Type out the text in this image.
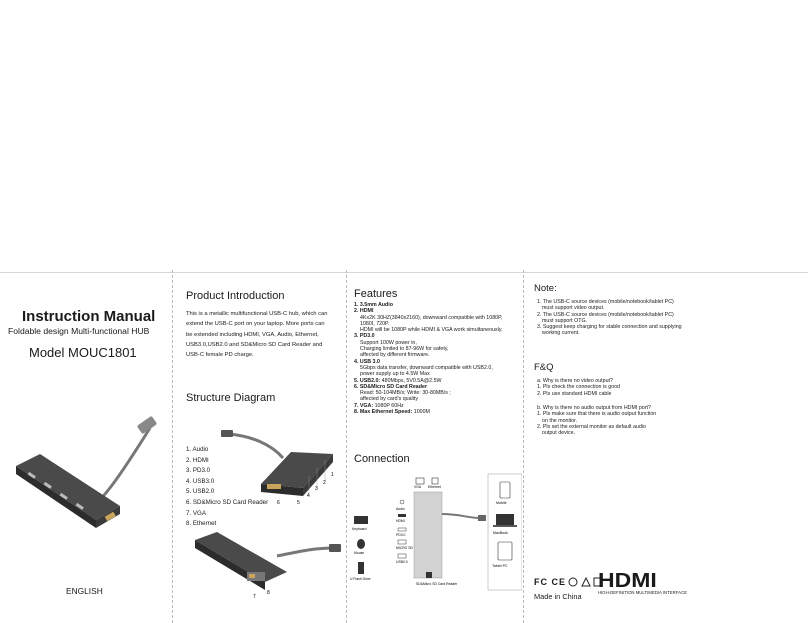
Instruction Manual
Foldable design Multi-functional HUB
Model MOUC1801
ENGLISH
Product Introduction
This is a metallic multifunctional USB-C hub, which can
extend the USB-C port on your laptop. More ports can
be extended including HDMI, VGA, Audio, Ethernet,
USB3.0,USB2.0 and SD&Micro SD Card Reader and
USB-C female PD charge.
Structure Diagram
6	5
4
3
2
1
1. Audio
2. HDMI
3. PD3.0
4. USB3.0
5. USB2.0
6. SD&Micro SD Card Reader
7. VGA
8. Ethernet
7
8
Features
1. 3.5mm Audio
2. HDMI
4Kx2K 30HZ(3840x2160), downward compatible with 1080P,
1080I, 720P.
HDMI will be 1080P while HDMI & VGA work simultaneously.
3. PD3.0
Support 100W power in,
Charging limited to 87-96W for safety,
affected by different firmware.
4. USB 3.0
5Gbps data transfer, downward compatible with USB2.0,
power supply up to 4.5W Max
5. USB2.0: 480Mbps, 5V0.5A@2.5W
6. SD&Micro SD Card Reader
Read: 50-104MB/s; Write: 30-80MB/s ;
affected by card's quality
7. VGA: 1080P 60Hz
8. Max Ethernet Speed: 1000M
Connection
VGA Ethernet
Audio
HDMI
PD3.0
MICRO SD
USB2.0
Keyboard
Mouse
U Flash Drive
SD&Micro SD Card Reader
Mobile
MacBook
Tablet PC
Note:
1. The USB-C source devices (mobile/notebook/tablet PC)
must support video output.
2. The USB-C source devices (mobile/notebook/tablet PC)
must support OTG.
3. Suggest keep charging for stable connection and supplying
working current.
F&Q
a. Why is there no video output?
1. Pls check the connection is good
2. Pls use standard HDMI cable
b. Why is there no audio output from HDMI port?
1. Pls make sure that there is audio output function
on the monitor.
2. Pls set the external monitor as default audio
output device.
FC CE HDMI
HIGH-DEFINITION MULTIMEDIA INTERFACE
Made in China
